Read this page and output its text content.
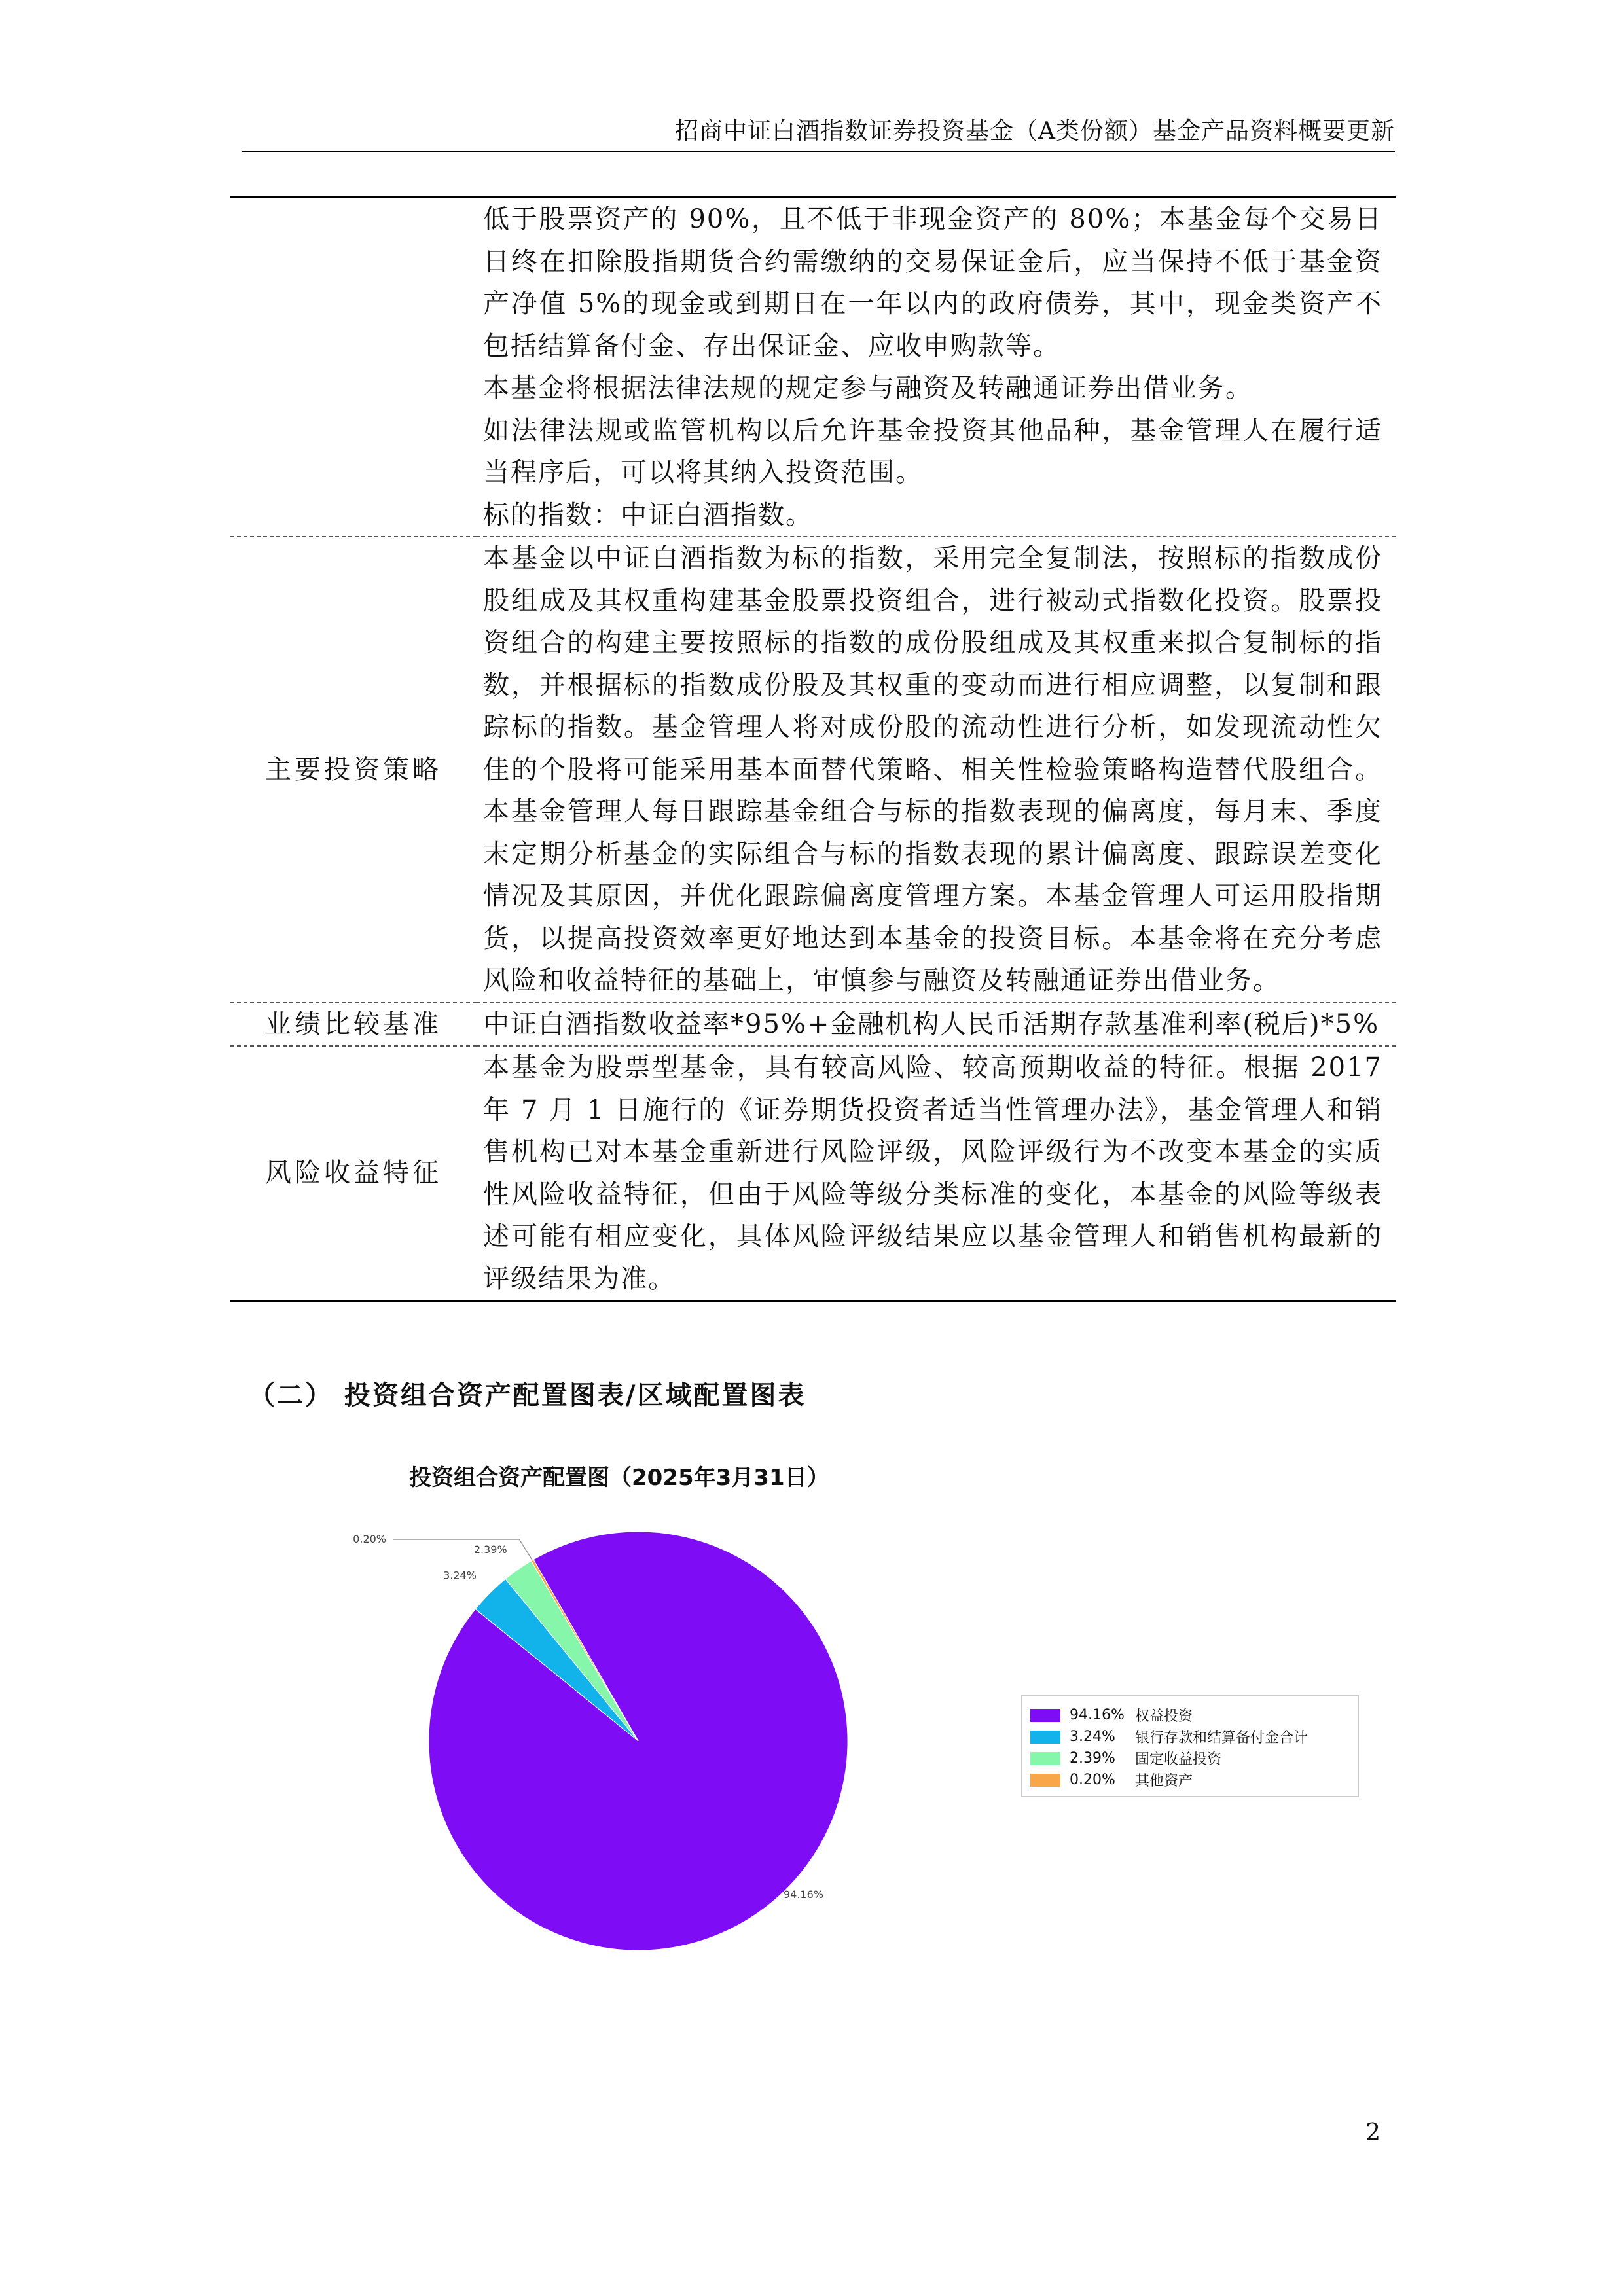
招商中证白酒指数证券投资基金（A类份额）基金产品资料概要更新

	低于股票资产的 90%，且不低于非现金资产的 80%；本基金每个交易日日终在扣除股指期货合约需缴纳的交易保证金后，应当保持不低于基金资产净值 5%的现金或到期日在一年以内的政府债券，其中，现金类资产不包括结算备付金、存出保证金、应收申购款等。
本基金将根据法律法规的规定参与融资及转融通证券出借业务。
如法律法规或监管机构以后允许基金投资其他品种，基金管理人在履行适当程序后，可以将其纳入投资范围。
标的指数：中证白酒指数。

主要投资策略	本基金以中证白酒指数为标的指数，采用完全复制法，按照标的指数成份股组成及其权重构建基金股票投资组合，进行被动式指数化投资。股票投资组合的构建主要按照标的指数的成份股组成及其权重来拟合复制标的指数，并根据标的指数成份股及其权重的变动而进行相应调整，以复制和跟踪标的指数。基金管理人将对成份股的流动性进行分析，如发现流动性欠佳的个股将可能采用基本面替代策略、相关性检验策略构造替代股组合。本基金管理人每日跟踪基金组合与标的指数表现的偏离度，每月末、季度末定期分析基金的实际组合与标的指数表现的累计偏离度、跟踪误差变化情况及其原因，并优化跟踪偏离度管理方案。本基金管理人可运用股指期货，以提高投资效率更好地达到本基金的投资目标。本基金将在充分考虑风险和收益特征的基础上，审慎参与融资及转融通证券出借业务。

业绩比较基准	中证白酒指数收益率*95%+金融机构人民币活期存款基准利率(税后)*5%

风险收益特征	本基金为股票型基金，具有较高风险、较高预期收益的特征。根据 2017 年 7 月 1 日施行的《证券期货投资者适当性管理办法》，基金管理人和销售机构已对本基金重新进行风险评级，风险评级行为不改变本基金的实质性风险收益特征，但由于风险等级分类标准的变化，本基金的风险等级表述可能有相应变化，具体风险评级结果应以基金管理人和销售机构最新的评级结果为准。
（二） 投资组合资产配置图表/区域配置图表
投资组合资产配置图（2025年3月31日）
94.16%
3.24%
2.39%
0.20%
94.16% 权益投资
3.24%	银行存款和结算备付金合计
2.39%	固定收益投资
0.20%	其他资产
2
